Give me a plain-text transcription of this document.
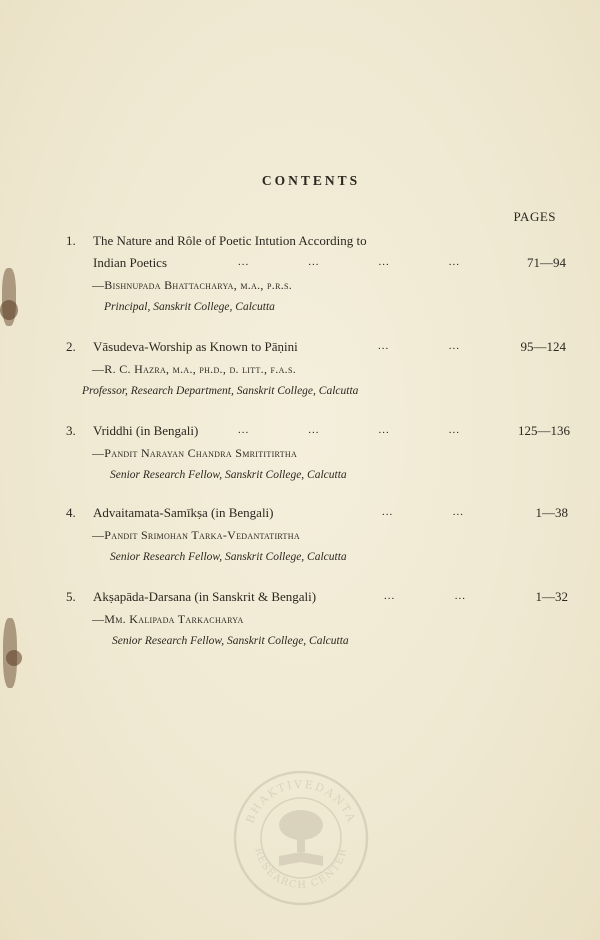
CONTENTS
PAGES
1.	The Nature and Rôle of Poetic Intution According to
Indian Poetics	...	...	...	...	71—94
—Bishnupada Bhattacharya, m.a., p.r.s.
Principal, Sanskrit College, Calcutta
2.	Vāsudeva-Worship as Known to Pāṇini	...	...	95—124
—R. C. Hazra, m.a., ph.d., d. litt., f.a.s.
Professor, Research Department, Sanskrit College, Calcutta
3.	Vriddhi (in Bengali)	...	...	...	...	125—136
—Pandit Narayan Chandra Smrititirtha
Senior Research Fellow, Sanskrit College, Calcutta
4.	Advaitamata-Samīkṣa (in Bengali)	...	...	1—38
—Pandit Srimohan Tarka-Vedantatirtha
Senior Research Fellow, Sanskrit College, Calcutta
5.	Akṣapāda-Darsana (in Sanskrit & Bengali)	...	...	1—32
—Mm. Kalipada Tarkacharya
Senior Research Fellow, Sanskrit College, Calcutta
BHAKTIVEDANTA
RESEARCH CENTER
